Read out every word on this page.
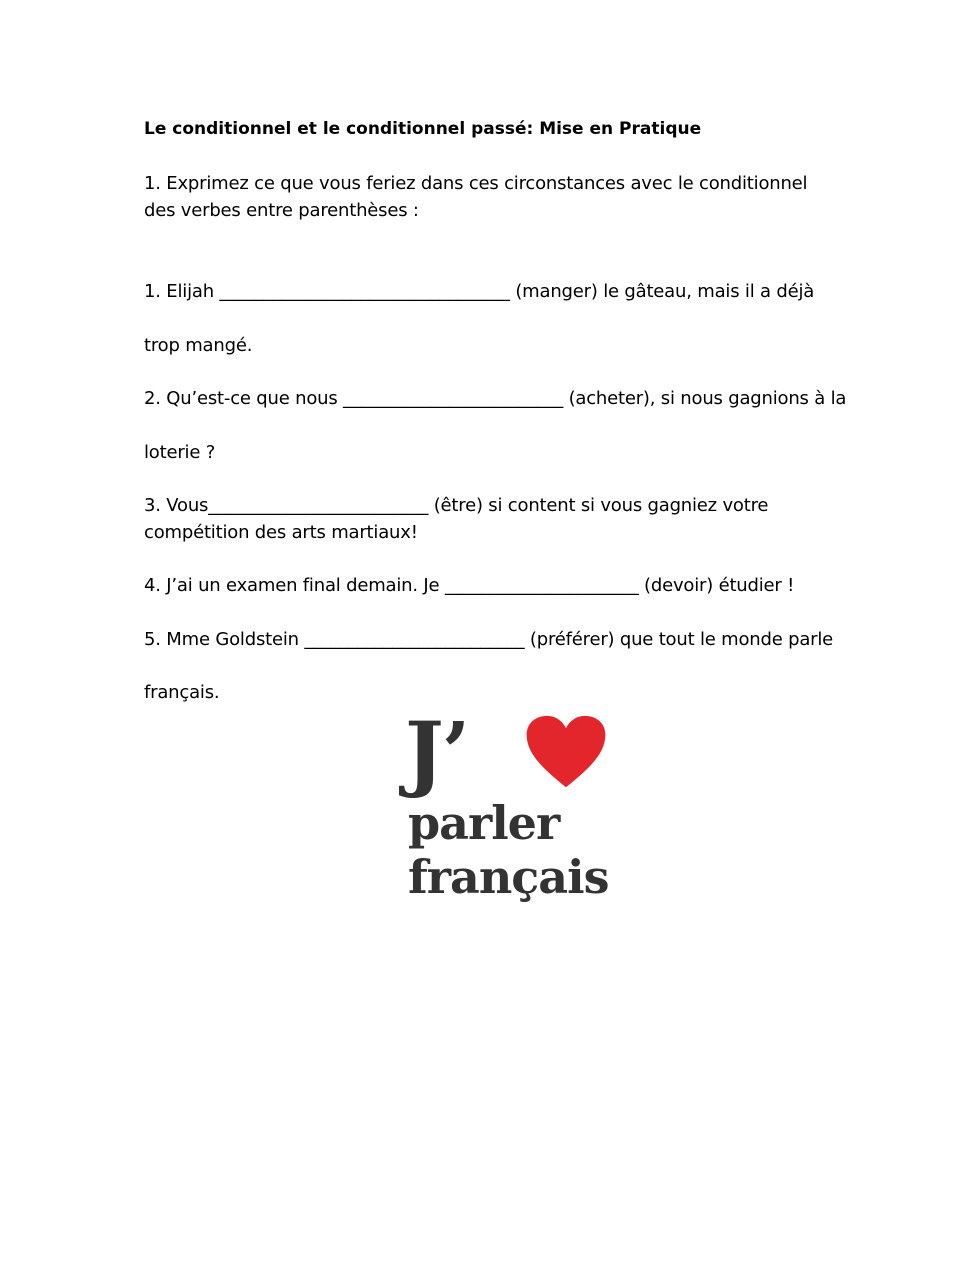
Le conditionnel et le conditionnel passé: Mise en Pratique
1. Exprimez ce que vous feriez dans ces circonstances avec le conditionnel
des verbes entre parenthèses :
1. Elijah _________________________________ (manger) le gâteau, mais il a déjà
trop mangé.
2. Qu’est-ce que nous _________________________ (acheter), si nous gagnions à la
loterie ?
3. Vous_________________________ (être) si content si vous gagniez votre
compétition des arts martiaux!
4. J’ai un examen final demain. Je ______________________ (devoir) étudier !
5. Mme Goldstein _________________________ (préférer) que tout le monde parle
français.
J’
parler
français
